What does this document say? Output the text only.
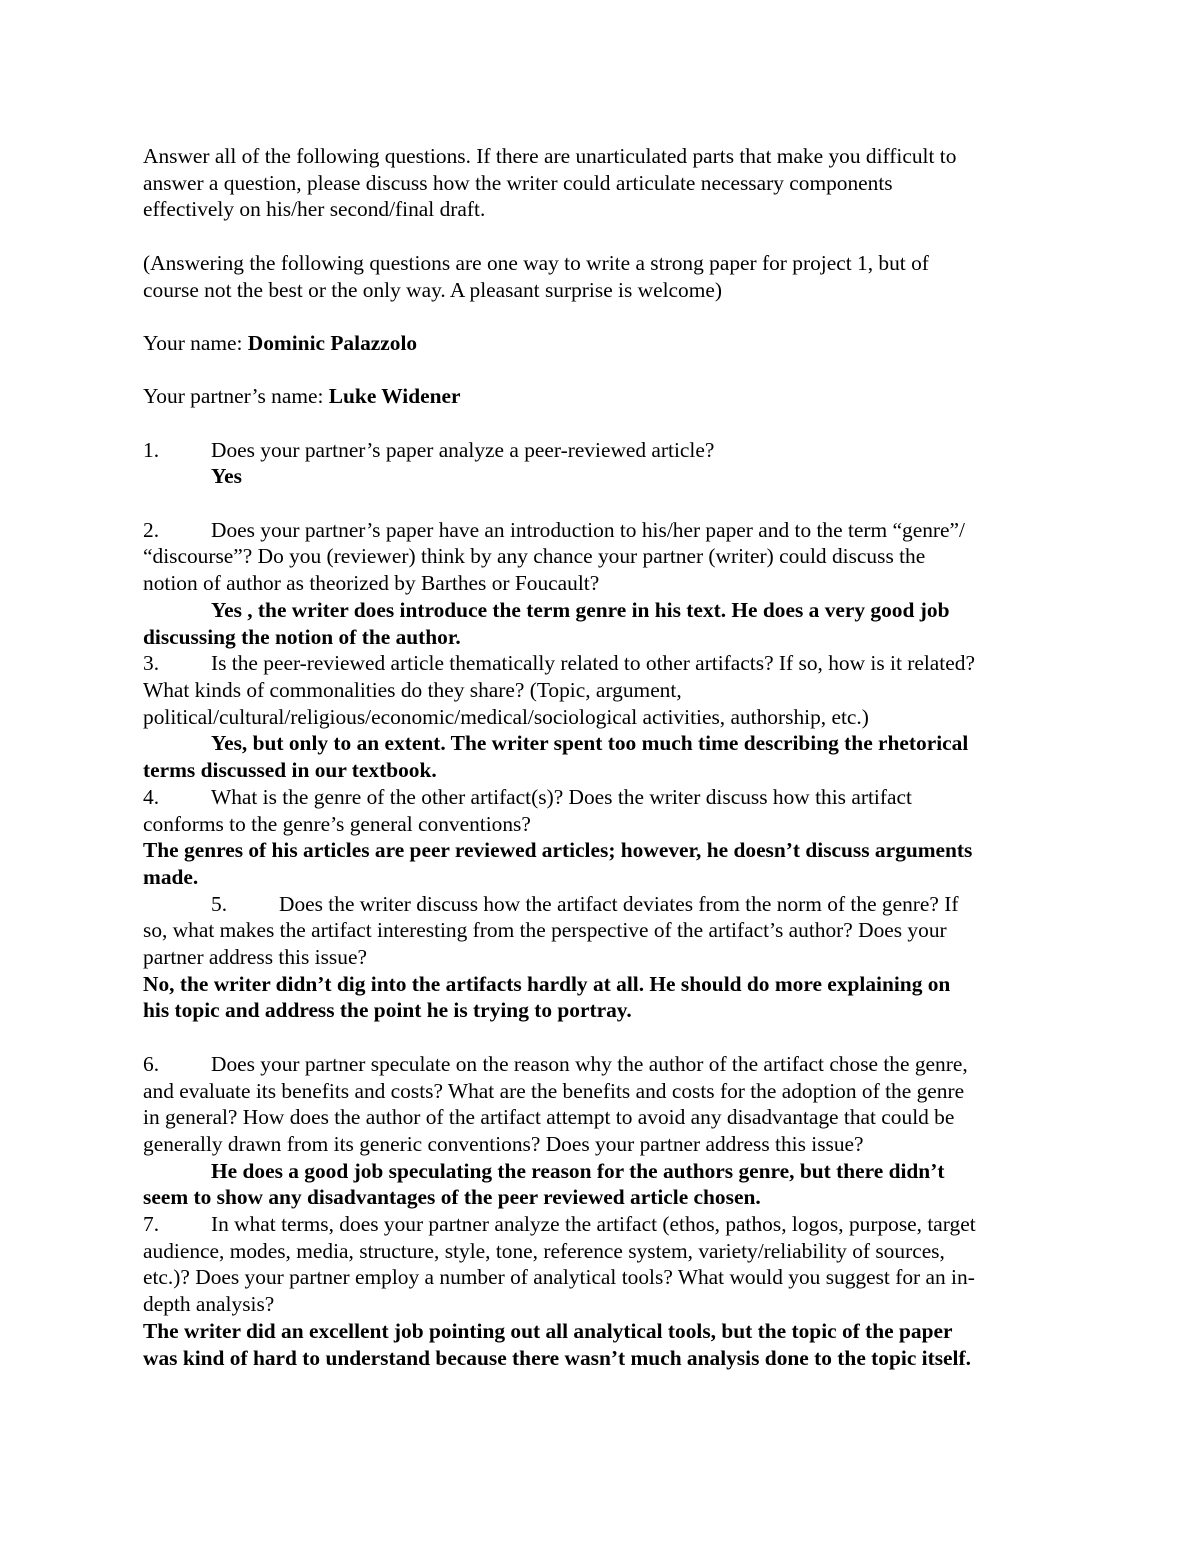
Answer all of the following questions. If there are unarticulated parts that make you difficult to

answer a question, please discuss how the writer could articulate necessary components

effectively on his/her second/final draft.

(Answering the following questions are one way to write a strong paper for project 1, but of

course not the best or the only way. A pleasant surprise is welcome)

Your name: Dominic Palazzolo

Your partner’s name: Luke Widener

1. Does your partner’s paper analyze a peer-reviewed article?

Yes

2. Does your partner’s paper have an introduction to his/her paper and to the term “genre”/

“discourse”? Do you (reviewer) think by any chance your partner (writer) could discuss the

notion of author as theorized by Barthes or Foucault?

Yes , the writer does introduce the term genre in his text. He does a very good job

discussing the notion of the author.

3. Is the peer-reviewed article thematically related to other artifacts? If so, how is it related?

What kinds of commonalities do they share? (Topic, argument,

political/cultural/religious/economic/medical/sociological activities, authorship, etc.)

Yes, but only to an extent. The writer spent too much time describing the rhetorical

terms discussed in our textbook.

4. What is the genre of the other artifact(s)? Does the writer discuss how this artifact

conforms to the genre’s general conventions?

The genres of his articles are peer reviewed articles; however, he doesn’t discuss arguments

made.

5. Does the writer discuss how the artifact deviates from the norm of the genre? If

so, what makes the artifact interesting from the perspective of the artifact’s author? Does your

partner address this issue?

No, the writer didn’t dig into the artifacts hardly at all. He should do more explaining on

his topic and address the point he is trying to portray.

6. Does your partner speculate on the reason why the author of the artifact chose the genre,

and evaluate its benefits and costs? What are the benefits and costs for the adoption of the genre

in general? How does the author of the artifact attempt to avoid any disadvantage that could be

generally drawn from its generic conventions? Does your partner address this issue?

He does a good job speculating the reason for the authors genre, but there didn’t

seem to show any disadvantages of the peer reviewed article chosen.

7. In what terms, does your partner analyze the artifact (ethos, pathos, logos, purpose, target

audience, modes, media, structure, style, tone, reference system, variety/reliability of sources,

etc.)? Does your partner employ a number of analytical tools? What would you suggest for an in-

depth analysis?

The writer did an excellent job pointing out all analytical tools, but the topic of the paper

was kind of hard to understand because there wasn’t much analysis done to the topic itself.
